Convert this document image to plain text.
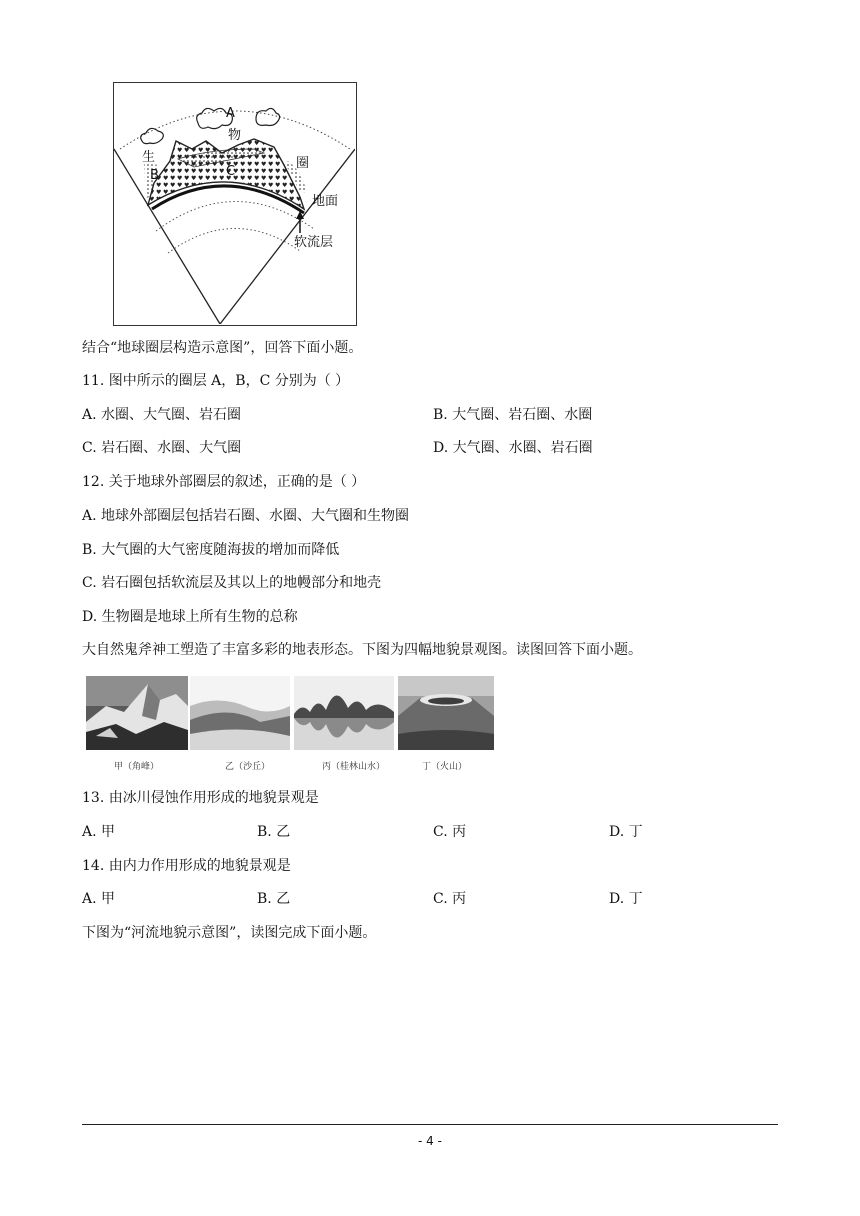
A
物
生	圈
B	C
地面
软流层
结合“地球圈层构造示意图”，回答下面小题。
11. 图中所示的圈层 A，B，C 分别为（ ）
A. 水圈、大气圈、岩石圈	B. 大气圈、岩石圈、水圈
C. 岩石圈、水圈、大气圈	D. 大气圈、水圈、岩石圈
12. 关于地球外部圈层的叙述，正确的是（ ）
A. 地球外部圈层包括岩石圈、水圈、大气圈和生物圈
B. 大气圈的大气密度随海拔的增加而降低
C. 岩石圈包括软流层及其以上的地幔部分和地壳
D. 生物圈是地球上所有生物的总称
大自然鬼斧神工塑造了丰富多彩的地表形态。下图为四幅地貌景观图。读图回答下面小题。
甲（角峰）	乙（沙丘）	丙（桂林山水）	丁（火山）
13. 由冰川侵蚀作用形成的地貌景观是
A. 甲	B. 乙	C. 丙	D. 丁
14. 由内力作用形成的地貌景观是
A. 甲	B. 乙	C. 丙	D. 丁
下图为“河流地貌示意图”，读图完成下面小题。
- 4 -
